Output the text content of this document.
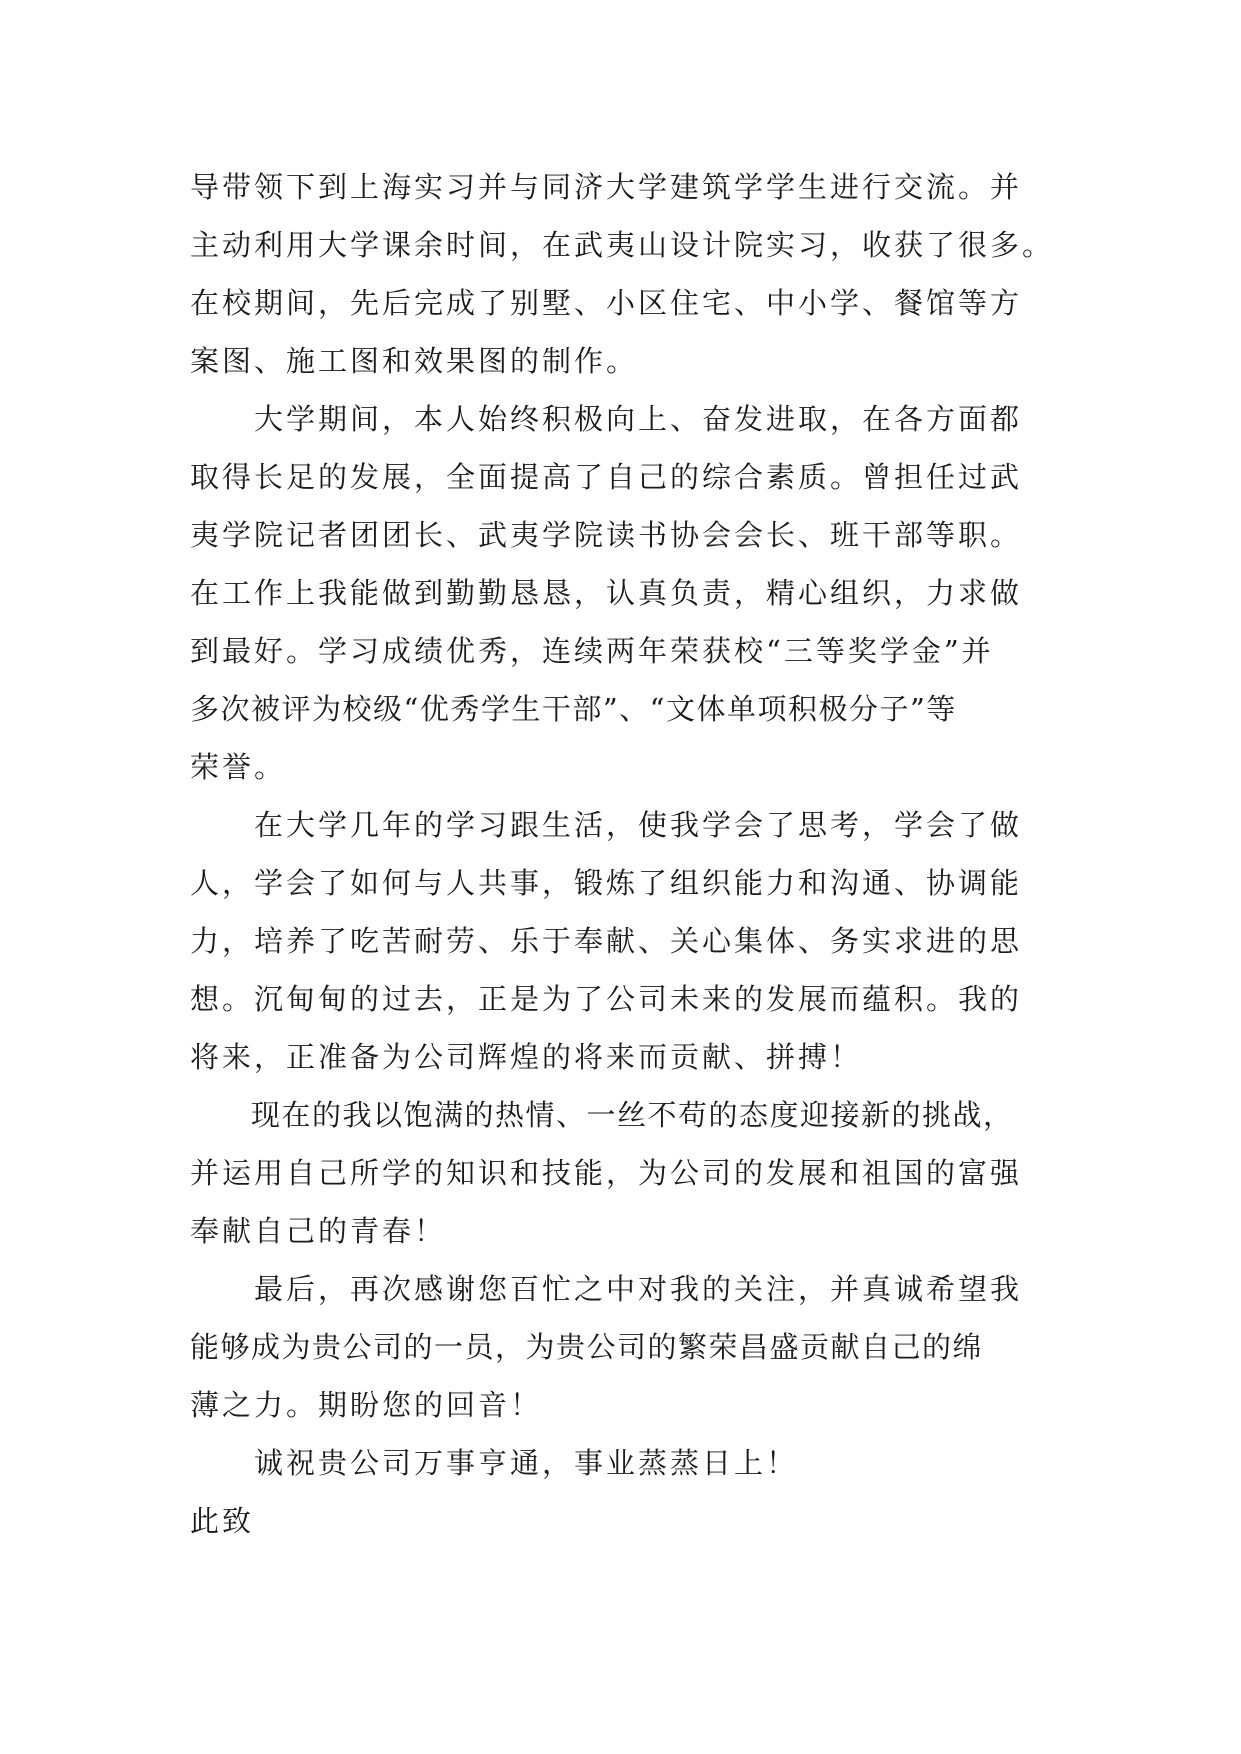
导带领下到上海实习并与同济大学建筑学学生进行交流。并
主动利用大学课余时间，在武夷山设计院实习，收获了很多。
在校期间，先后完成了别墅、小区住宅、中小学、餐馆等方
案图、施工图和效果图的制作。
　　大学期间，本人始终积极向上、奋发进取，在各方面都
取得长足的发展，全面提高了自己的综合素质。曾担任过武
夷学院记者团团长、武夷学院读书协会会长、班干部等职。
在工作上我能做到勤勤恳恳，认真负责，精心组织，力求做
到最好。学习成绩优秀，连续两年荣获校“三等奖学金”并
多次被评为校级“优秀学生干部”、“文体单项积极分子”等
荣誉。
　　在大学几年的学习跟生活，使我学会了思考，学会了做
人，学会了如何与人共事，锻炼了组织能力和沟通、协调能
力，培养了吃苦耐劳、乐于奉献、关心集体、务实求进的思
想。沉甸甸的过去，正是为了公司未来的发展而蕴积。我的
将来，正准备为公司辉煌的将来而贡献、拼搏！
　　现在的我以饱满的热情、一丝不苟的态度迎接新的挑战，
并运用自己所学的知识和技能，为公司的发展和祖国的富强
奉献自己的青春！
　　最后，再次感谢您百忙之中对我的关注，并真诚希望我
能够成为贵公司的一员，为贵公司的繁荣昌盛贡献自己的绵
薄之力。期盼您的回音！
　　诚祝贵公司万事亨通，事业蒸蒸日上！
此致
